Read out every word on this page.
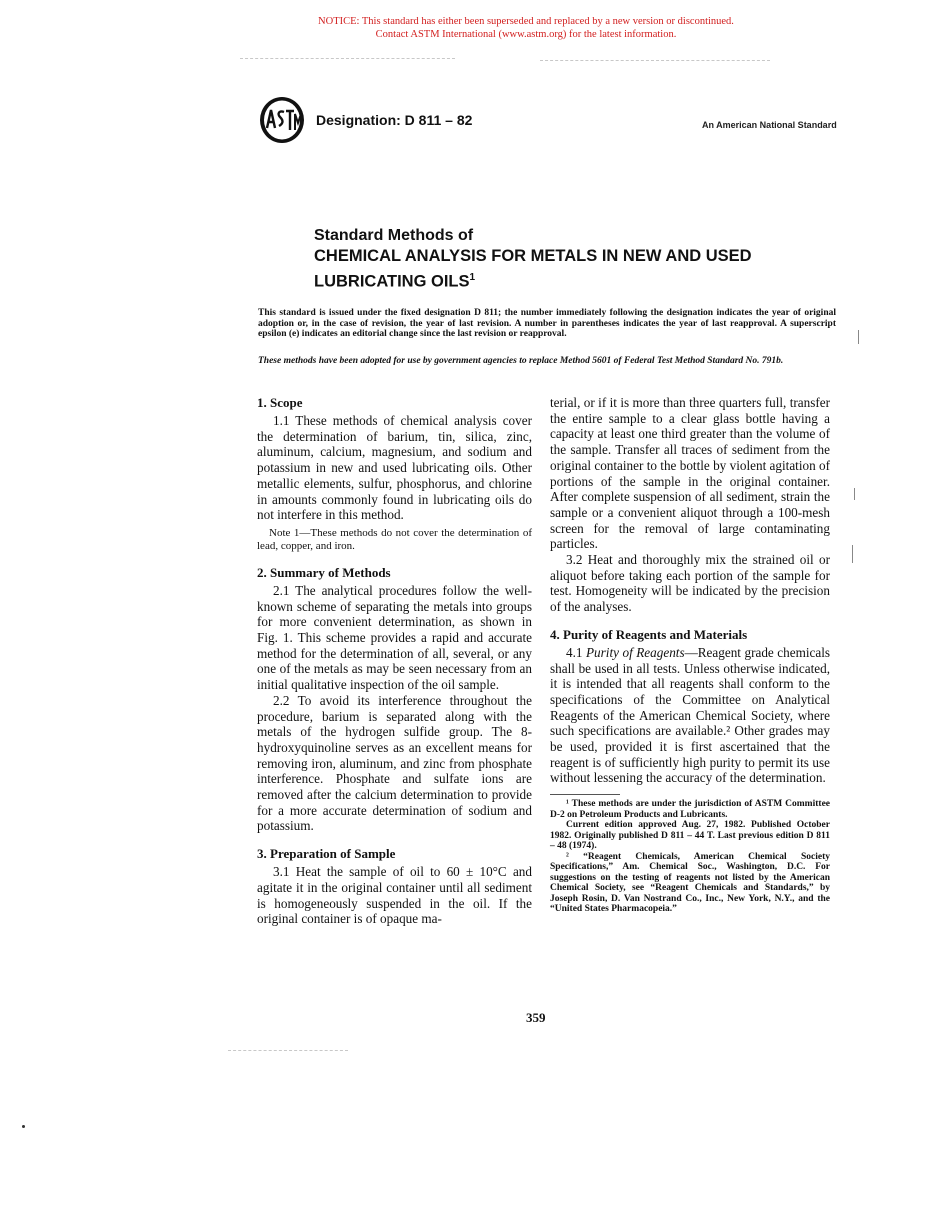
NOTICE: This standard has either been superseded and replaced by a new version or discontinued.
Contact ASTM International (www.astm.org) for the latest information.
Designation: D 811 – 82	An American National Standard
Standard Methods of
CHEMICAL ANALYSIS FOR METALS IN NEW AND USED
LUBRICATING OILS$^1$
This standard is issued under the fixed designation D 811; the number immediately following the designation indicates the year of original adoption or, in the case of revision, the year of last revision. A number in parentheses indicates the year of last reapproval. A superscript epsilon (e) indicates an editorial change since the last revision or reapproval.
These methods have been adopted for use by government agencies to replace Method 5601 of Federal Test Method Standard No. 791b.
1. Scope

1.1 These methods of chemical analysis cover the determination of barium, tin, silica, zinc, aluminum, calcium, magnesium, and sodium and potassium in new and used lubricating oils. Other metallic elements, sulfur, phosphorus, and chlorine in amounts commonly found in lubricating oils do not interfere in this method.

Note 1—These methods do not cover the determination of lead, copper, and iron.

2. Summary of Methods

2.1 The analytical procedures follow the well-known scheme of separating the metals into groups for more convenient determination, as shown in Fig. 1. This scheme provides a rapid and accurate method for the determination of all, several, or any one of the metals as may be seen necessary from an initial qualitative inspection of the oil sample.

2.2 To avoid its interference throughout the procedure, barium is separated along with the metals of the hydrogen sulfide group. The 8-hydroxyquinoline serves as an excellent means for removing iron, aluminum, and zinc from phosphate interference. Phosphate and sulfate ions are removed after the calcium determination to provide for a more accurate determination of sodium and potassium.

3. Preparation of Sample

3.1 Heat the sample of oil to 60 ± 10°C and agitate it in the original container until all sediment is homogeneously suspended in the oil. If the original container is of opaque ma-

terial, or if it is more than three quarters full, transfer the entire sample to a clear glass bottle having a capacity at least one third greater than the volume of the sample. Transfer all traces of sediment from the original container to the bottle by violent agitation of portions of the sample in the original container. After complete suspension of all sediment, strain the sample or a convenient aliquot through a 100-mesh screen for the removal of large contaminating particles.

3.2 Heat and thoroughly mix the strained oil or aliquot before taking each portion of the sample for test. Homogeneity will be indicated by the precision of the analyses.

4. Purity of Reagents and Materials

4.1 Purity of Reagents—Reagent grade chemicals shall be used in all tests. Unless otherwise indicated, it is intended that all reagents shall conform to the specifications of the Committee on Analytical Reagents of the American Chemical Society, where such specifications are available.² Other grades may be used, provided it is first ascertained that the reagent is of sufficiently high purity to permit its use without lessening the accuracy of the determination.

¹ These methods are under the jurisdiction of ASTM Committee D-2 on Petroleum Products and Lubricants.

Current edition approved Aug. 27, 1982. Published October 1982. Originally published D 811 – 44 T. Last previous edition D 811 – 48 (1974).

² “Reagent Chemicals, American Chemical Society Specifications,” Am. Chemical Soc., Washington, D.C. For suggestions on the testing of reagents not listed by the American Chemical Society, see “Reagent Chemicals and Standards,” by Joseph Rosin, D. Van Nostrand Co., Inc., New York, N.Y., and the “United States Pharmacopeia.”

359
